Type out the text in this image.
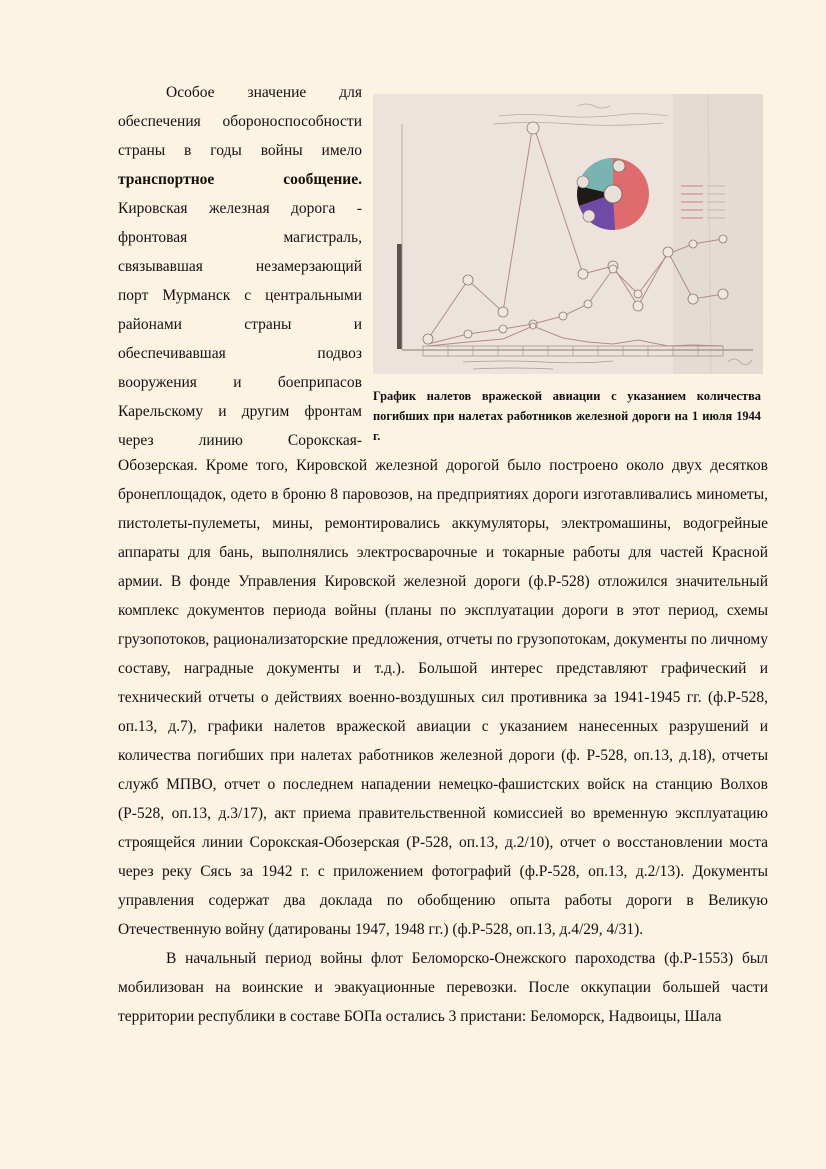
Особое значение для
обеспечения обороноспособности
страны в годы войны имело
транспортное сообщение.
Кировская железная дорога -
фронтовая магистраль,
связывавшая незамерзающий
порт Мурманск с центральными
районами страны и
обеспечивавшая подвоз
вооружения и боеприпасов
Карельскому и другим фронтам
через линию Сорокская-
График налетов вражеской авиации с указанием количества погибших при налетах работников железной дороги на 1 июля 1944 г.

Обозерская. Кроме того, Кировской железной дорогой было построено около двух десятков бронеплощадок, одето в броню 8 паровозов, на предприятиях дороги изготавливались минометы, пистолеты-пулеметы, мины, ремонтировались аккумуляторы, электромашины, водогрейные аппараты для бань, выполнялись электросварочные и токарные работы для частей Красной армии. В фонде Управления Кировской железной дороги (ф.Р-528) отложился значительный комплекс документов периода войны (планы по эксплуатации дороги в этот период, схемы грузопотоков, рационализаторские предложения, отчеты по грузопотокам, документы по личному составу, наградные документы и т.д.). Большой интерес представляют графический и технический отчеты о действиях военно-воздушных сил противника за 1941-1945 гг. (ф.Р-528, оп.13, д.7), графики налетов вражеской авиации с указанием нанесенных разрушений и количества погибших при налетах работников железной дороги (ф. Р-528, оп.13, д.18), отчеты служб МПВО, отчет о последнем нападении немецко-фашистских войск на станцию Волхов (Р-528, оп.13, д.3/17), акт приема правительственной комиссией во временную эксплуатацию строящейся линии Сорокская-Обозерская (Р-528, оп.13, д.2/10), отчет о восстановлении моста через реку Сясь за 1942 г. с приложением фотографий (ф.Р-528, оп.13, д.2/13). Документы управления содержат два доклада по обобщению опыта работы дороги в Великую Отечественную войну (датированы 1947, 1948 гг.) (ф.Р-528, оп.13, д.4/29, 4/31).

В начальный период войны флот Беломорско-Онежского пароходства (ф.Р-1553) был мобилизован на воинские и эвакуационные перевозки. После оккупации большей части территории республики в составе БОПа остались 3 пристани: Беломорск, Надвоицы, Шала
